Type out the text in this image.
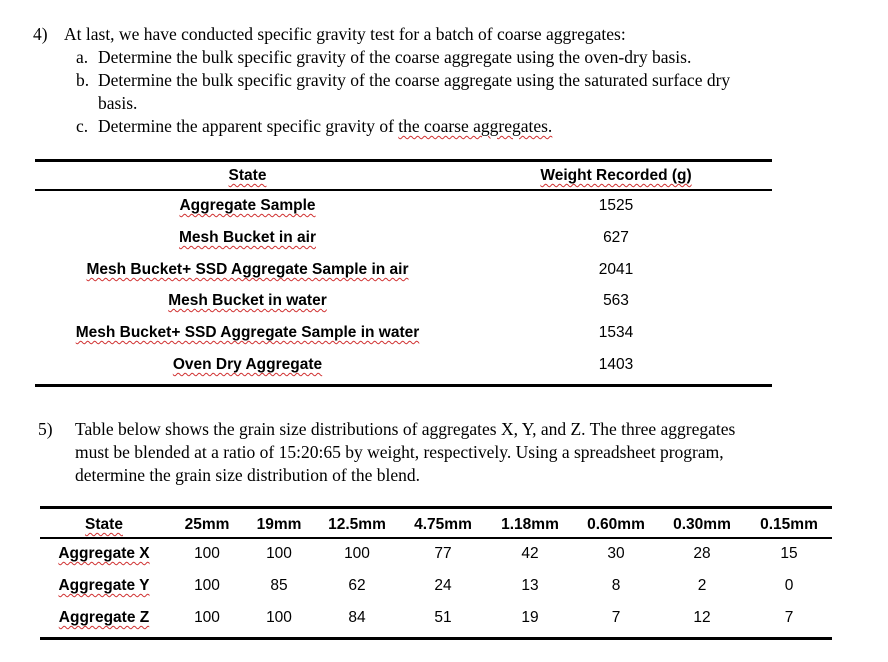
4) At last, we have conducted specific gravity test for a batch of coarse aggregates:
a. Determine the bulk specific gravity of the coarse aggregate using the oven-dry basis.
b. Determine the bulk specific gravity of the coarse aggregate using the saturated surface dry
basis.
c. Determine the apparent specific gravity of the coarse aggregates.
State	Weight Recorded (g)
Aggregate Sample	1525
Mesh Bucket in air	627
Mesh Bucket+ SSD Aggregate Sample in air	2041
Mesh Bucket in water	563
Mesh Bucket+ SSD Aggregate Sample in water	1534
Oven Dry Aggregate	1403
5) Table below shows the grain size distributions of aggregates X, Y, and Z. The three aggregates
must be blended at a ratio of 15:20:65 by weight, respectively. Using a spreadsheet program,
determine the grain size distribution of the blend.
State	25mm	19mm	12.5mm	4.75mm	1.18mm	0.60mm	0.30mm	0.15mm
Aggregate X	100	100	100	77	42	30	28	15
Aggregate Y	100	85	62	24	13	8	2	0
Aggregate Z	100	100	84	51	19	7	12	7
